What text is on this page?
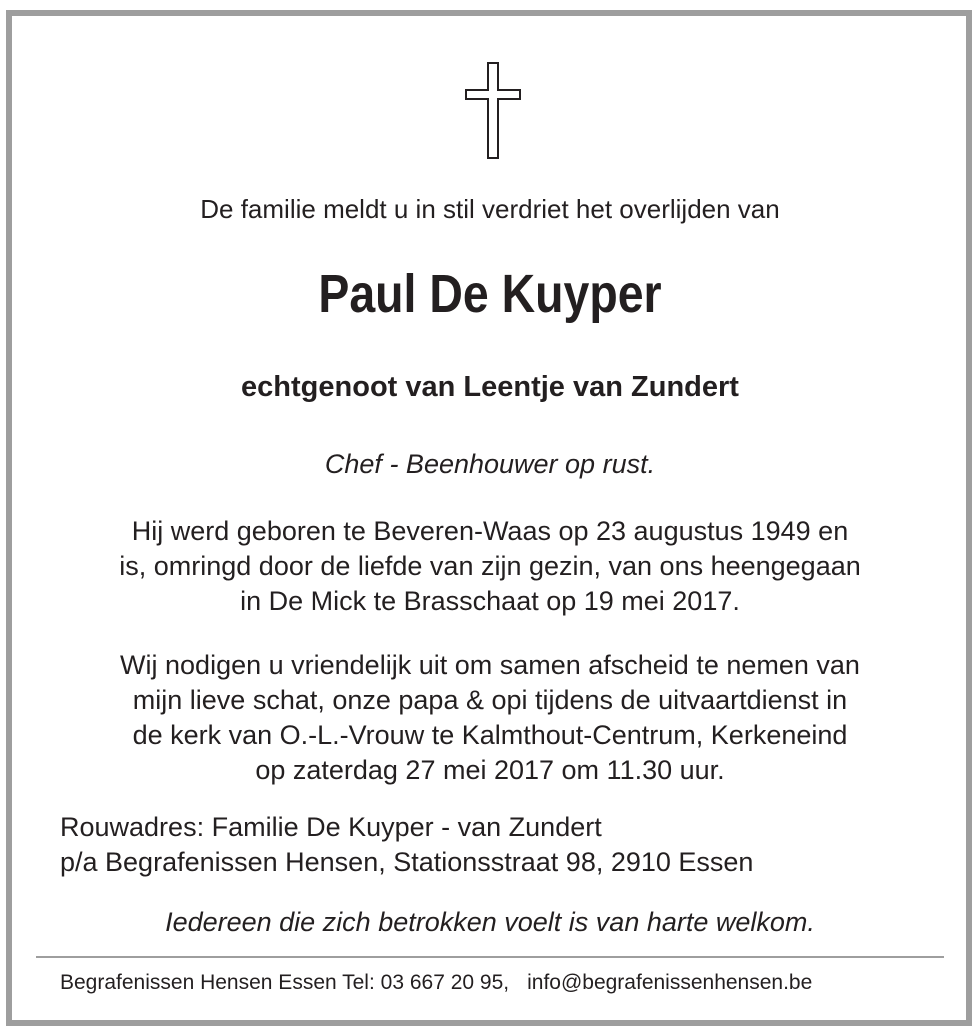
De familie meldt u in stil verdriet het overlijden van
Paul De Kuyper
echtgenoot van Leentje van Zundert
Chef - Beenhouwer op rust.
Hij werd geboren te Beveren-Waas op 23 augustus 1949 en
is, omringd door de liefde van zijn gezin, van ons heengegaan
in De Mick te Brasschaat op 19 mei 2017.
Wij nodigen u vriendelijk uit om samen afscheid te nemen van
mijn lieve schat, onze papa & opi tijdens de uitvaartdienst in
de kerk van O.-L.-Vrouw te Kalmthout-Centrum, Kerkeneind
op zaterdag 27 mei 2017 om 11.30 uur.
Rouwadres: Familie De Kuyper - van Zundert
p/a Begrafenissen Hensen, Stationsstraat 98, 2910 Essen
Iedereen die zich betrokken voelt is van harte welkom.
Begrafenissen Hensen Essen Tel: 03 667 20 95, info@begrafenissenhensen.be
